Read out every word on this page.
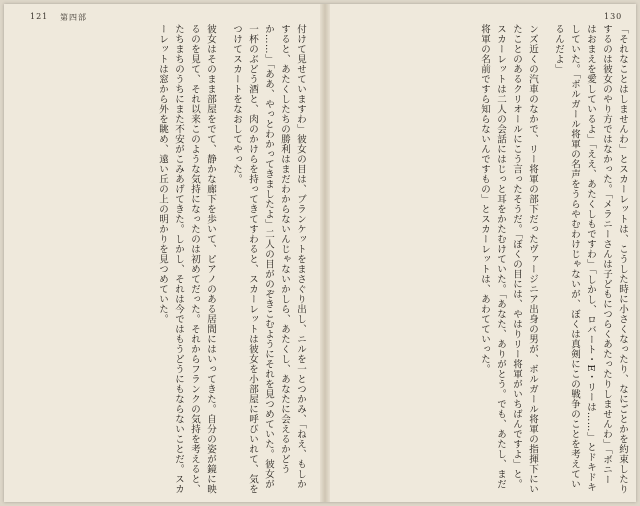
121 第四部	130

付けて見せていますわ」彼女の目は、ブランケットをまさぐり出し、ニルを一とつかみ、「ねえ、もしかすると、あたくしたちの勝利はまだわからないんじゃないかしら、あたくし、あなたに会えるかどうか……」「ああ、やっとわかってきましたよ」二人の目がのぞきこむようにそれを見つめていた。彼女が一杯のぶどう酒と、肉のかけらを持ってきてすわると、スカーレットは彼女を小部屋に呼びいれて、気をつけてスカートをなおしてやった。

彼女はそのまま部屋をでて、静かな廊下を歩いて、ピアノのある居間にはいってきた。自分の姿が鏡に映るのを見て、それ以来このような気持になったのは初めてだった。それからフランクの気持を考えると、たちまちのうちにまた不安がこみあげてきた。しかし、それは今ではもうどうにもならないことだ。スカーレットは窓から外を眺め、遠い丘の上の明かりを見つめていた。	「それなことはしませんわ」とスカーレットは、こうした時に小さくなったり、なにごとかを約束したりするのは彼女のやり方ではなかった。「メラニーさんは子どもにつらくあたったりしませんわ」「ボニーはおまえを愛しているよ」「ええ、あたくしもですわ」「しかし、ロバート・E・リーは……」とドキドキしていた。「ボルガール将軍の名声をうらやむわけじゃないが、ぼくは真剣にこの戦争のことを考えているんだよ」

ンズ近くの汽車のなかで、リー将軍の部下だったヴァージニア出身の男が、ボルガール将軍の指揮下にいたことのあるクリオールにこう言ったそうだ。「ぼくの目には、やはりリー将軍がいちばんですよ」と。スカーレットは二人の会話にはじっと耳をかたむけていた。「あなた、ありがとう。でも、あたし、まだ将軍の名前ですら知らないんですもの」とスカーレットは、あわてていった。
